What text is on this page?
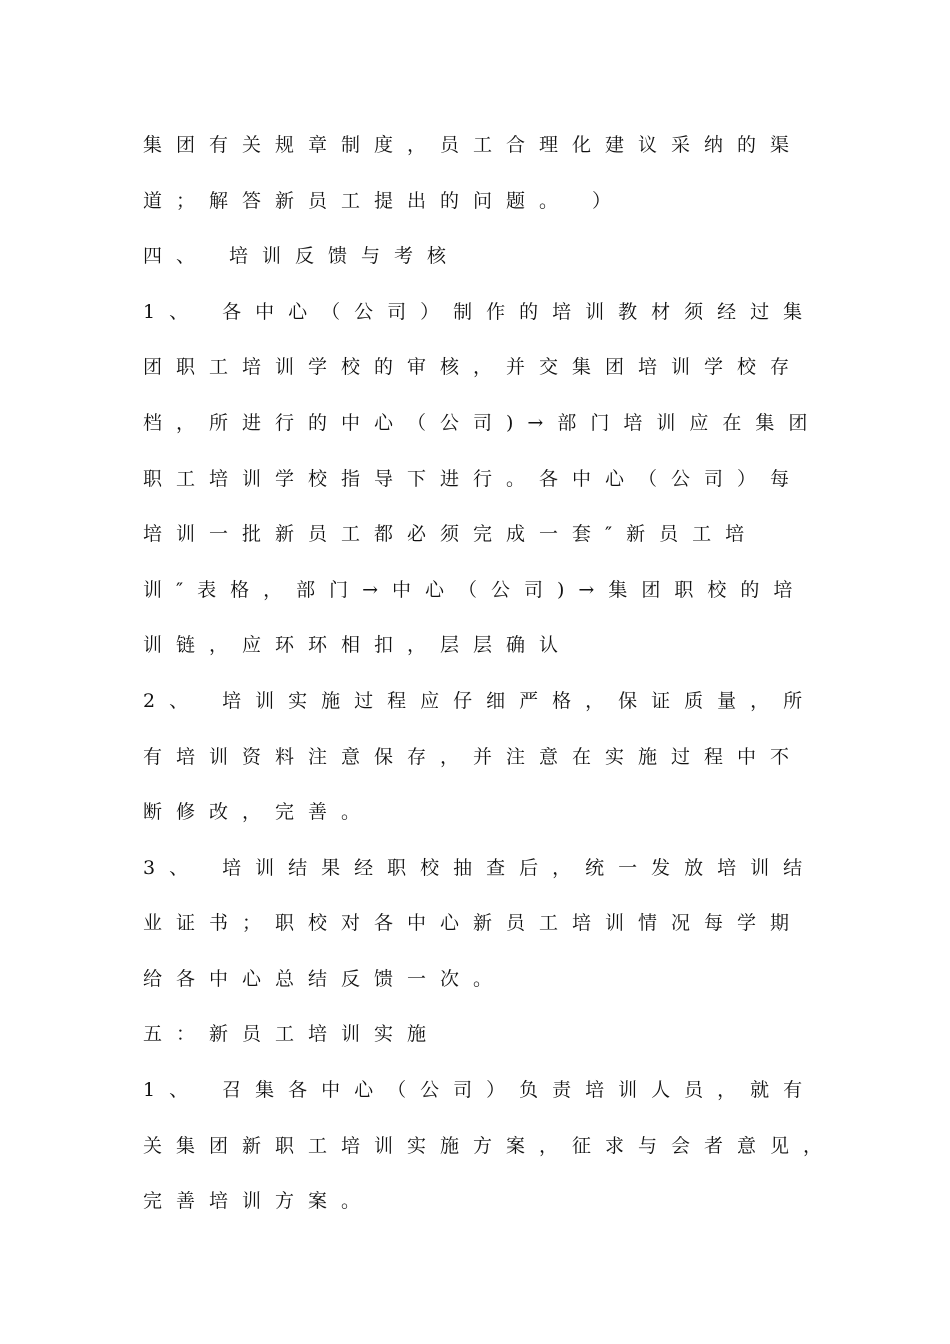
集团有关规章制度，员工合理化建议采纳的渠
道；解答新员工提出的问题。 ）
四、 培训反馈与考核
1、 各中心（公司）制作的培训教材须经过集
团职工培训学校的审核，并交集团培训学校存
档，所进行的中心（公司)→部门培训应在集团
职工培训学校指导下进行。各中心（公司）每
培训一批新员工都必须完成一套″新员工培
训″表格，部门→中心（公司)→集团职校的培
训链，应环环相扣，层层确认
2、 培训实施过程应仔细严格，保证质量，所
有培训资料注意保存，并注意在实施过程中不
断修改，完善。
3、 培训结果经职校抽查后，统一发放培训结
业证书；职校对各中心新员工培训情况每学期
给各中心总结反馈一次。
五：新员工培训实施
1、 召集各中心（公司）负责培训人员，就有
关集团新职工培训实施方案，征求与会者意见，
完善培训方案。
